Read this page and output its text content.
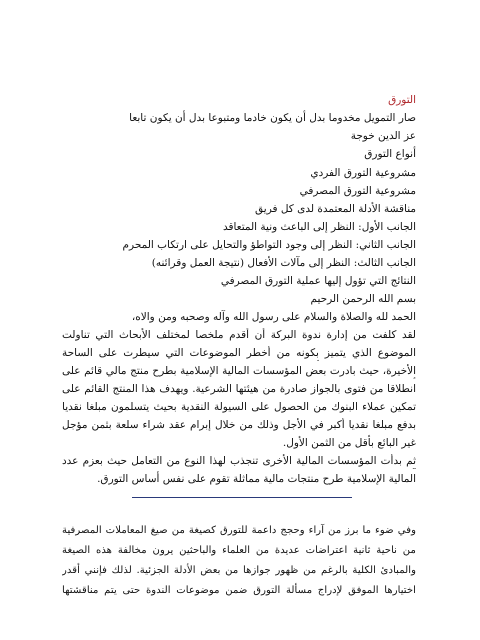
التورق
صار التمويل مخدوما بدل أن يكون خادما ومتبوعا بدل أن يكون تابعا
عز الدين خوجة
أنواع التورق
مشروعية التورق الفردي
مشروعية التورق المصرفي
مناقشة الأدلة المعتمدة لدى كل فريق
الجانب الأول: النظر إلى الباعث ونية المتعاقد
الجانب الثاني: النظر إلى وجود التواطؤ والتحايل على ارتكاب المحرم
الجانب الثالث: النظر إلى مآلات الأفعال (نتيجة العمل وقرائنه)
النتائج التي تؤول إليها عملية التورق المصرفي
بسم الله الرحمن الرحيم
الحمد لله والصلاة والسلام على رسول الله وآله وصحبه ومن والاه،
لقد كلفت من إدارة ندوة البركة أن أقدم ملخصا لمختلف الأبحاث التي تناولت
الموضوع الذي يتميز بكونه من أخطر الموضوعات التي سيطرت على الساحة
الأخيرة، حيث بادرت بعض المؤسسات المالية الإسلامية بطرح منتج مالي قائم على
انطلاقا من فتوى بالجواز صادرة من هيئتها الشرعية. ويهدف هذا المنتج القائم على
تمكين عملاء البنوك من الحصول على السيولة النقدية بحيث يتسلمون مبلغا نقديا
بدفع مبلغا نقديا أكبر في الأجل وذلك من خلال إبرام عقد شراء سلعة بثمن مؤجل
غير البائع بأقل من الثمن الأول.
ثم بدأت المؤسسات المالية الأخرى تنجذب لهذا النوع من التعامل حيث بعزم عدد
المالية الإسلامية طرح منتجات مالية مماثلة تقوم على نفس أساس التورق.
وفي ضوء ما برز من آراء وحجج داعمة للتورق كصيغة من صيغ المعاملات المصرفية
من ناحية ثانية اعتراضات عديدة من العلماء والباحثين يرون مخالفة هذه الصيغة
والمبادئ الكلية بالرغم من ظهور جوازها من بعض الأدلة الجزئية. لذلك فإنني أقدر
اختيارها الموفق لإدراج مسألة التورق ضمن موضوعات الندوة حتى يتم مناقشتها
